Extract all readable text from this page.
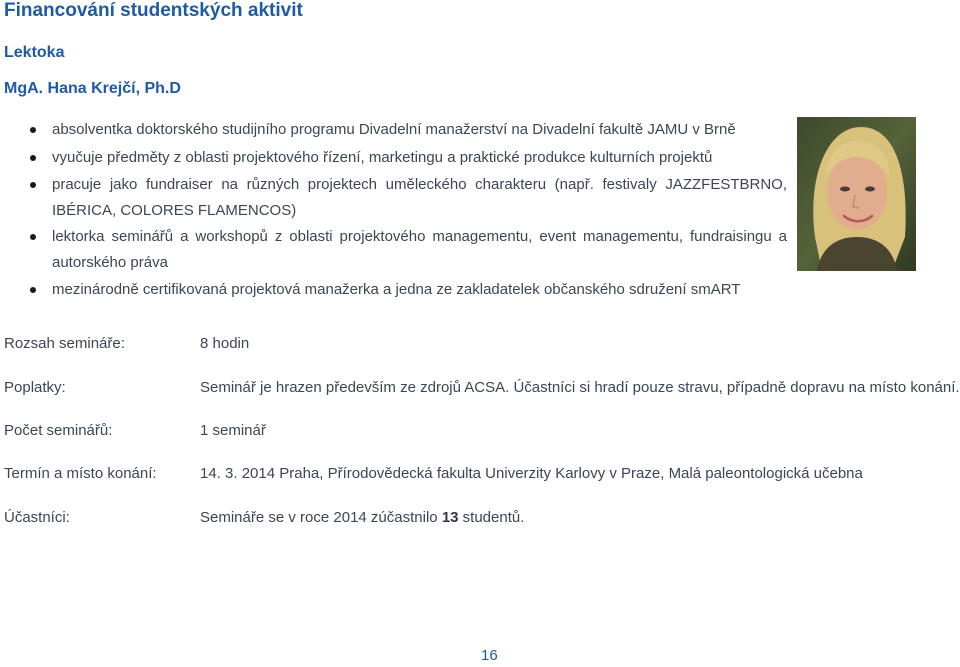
Financování studentských aktivit
Lektoka
MgA. Hana Krejčí, Ph.D
absolventka doktorského studijního programu Divadelní manažerství na Divadelní fakultě JAMU v Brně
vyučuje předměty z oblasti projektového řízení, marketingu a praktické produkce kulturních projektů
pracuje jako fundraiser na různých projektech uměleckého charakteru (např. festivaly JAZZFESTBRNO, IBÉRICA, COLORES FLAMENCOS)
lektorka seminářů a workshopů z oblasti projektového managementu, event managementu, fundraisingu a autorského práva
mezinárodně certifikovaná projektová manažerka a jedna ze zakladatelek občanského sdružení smART
Rozsah semináře:	8 hodin
Poplatky:	Seminář je hrazen především ze zdrojů ACSA. Účastníci si hradí pouze stravu, případně dopravu na místo konání.
Počet seminářů:	1 seminář
Termín a místo konání:	14. 3. 2014 Praha, Přírodovědecká fakulta Univerzity Karlovy v Praze, Malá paleontologická učebna
Účastníci:	Semináře se v roce 2014 zúčastnilo 13 studentů.
16
